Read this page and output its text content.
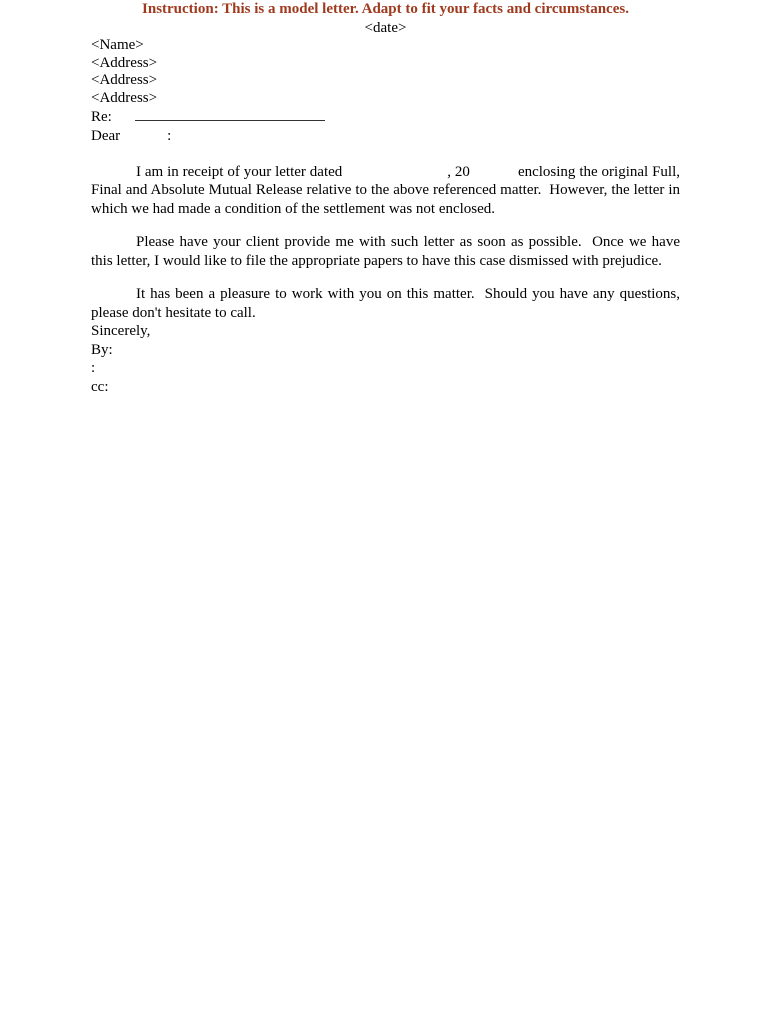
Instruction: This is a model letter. Adapt to fit your facts and circumstances.
<date>
<Name>
<Address>
<Address>
<Address>
Re:
Dear	:

I am in receipt of your letter dated	, 20	enclosing the original Full, Final and Absolute Mutual Release relative to the above referenced matter.  However, the letter in which we had made a condition of the settlement was not enclosed.

Please have your client provide me with such letter as soon as possible.  Once we have this letter, I would like to file the appropriate papers to have this case dismissed with prejudice.

It has been a pleasure to work with you on this matter.  Should you have any questions, please don't hesitate to call.

Sincerely,
By:
:
cc:
